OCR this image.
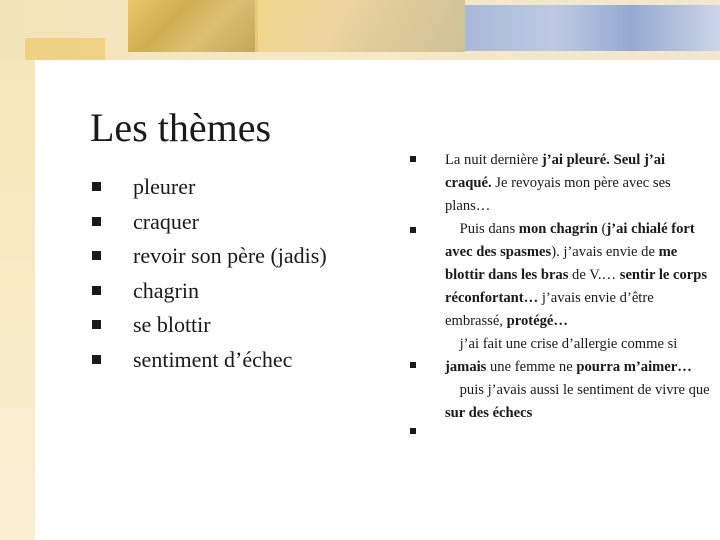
Les thèmes
pleurer
craquer
revoir son père (jadis)
chagrin
se blottir
sentiment d’échec

La nuit dernière j’ai pleuré. Seul j’ai craqué. Je revoyais mon père avec ses plans…
Puis dans mon chagrin (j’ai chialé fort avec des spasmes). j’avais envie de me blottir dans les bras de V.… sentir le corps réconfortant… j’avais envie d’être embrassé, protégé…
j’ai fait une crise d’allergie comme si jamais une femme ne pourra m’aimer…
puis j’avais aussi le sentiment de vivre que sur des échecs
